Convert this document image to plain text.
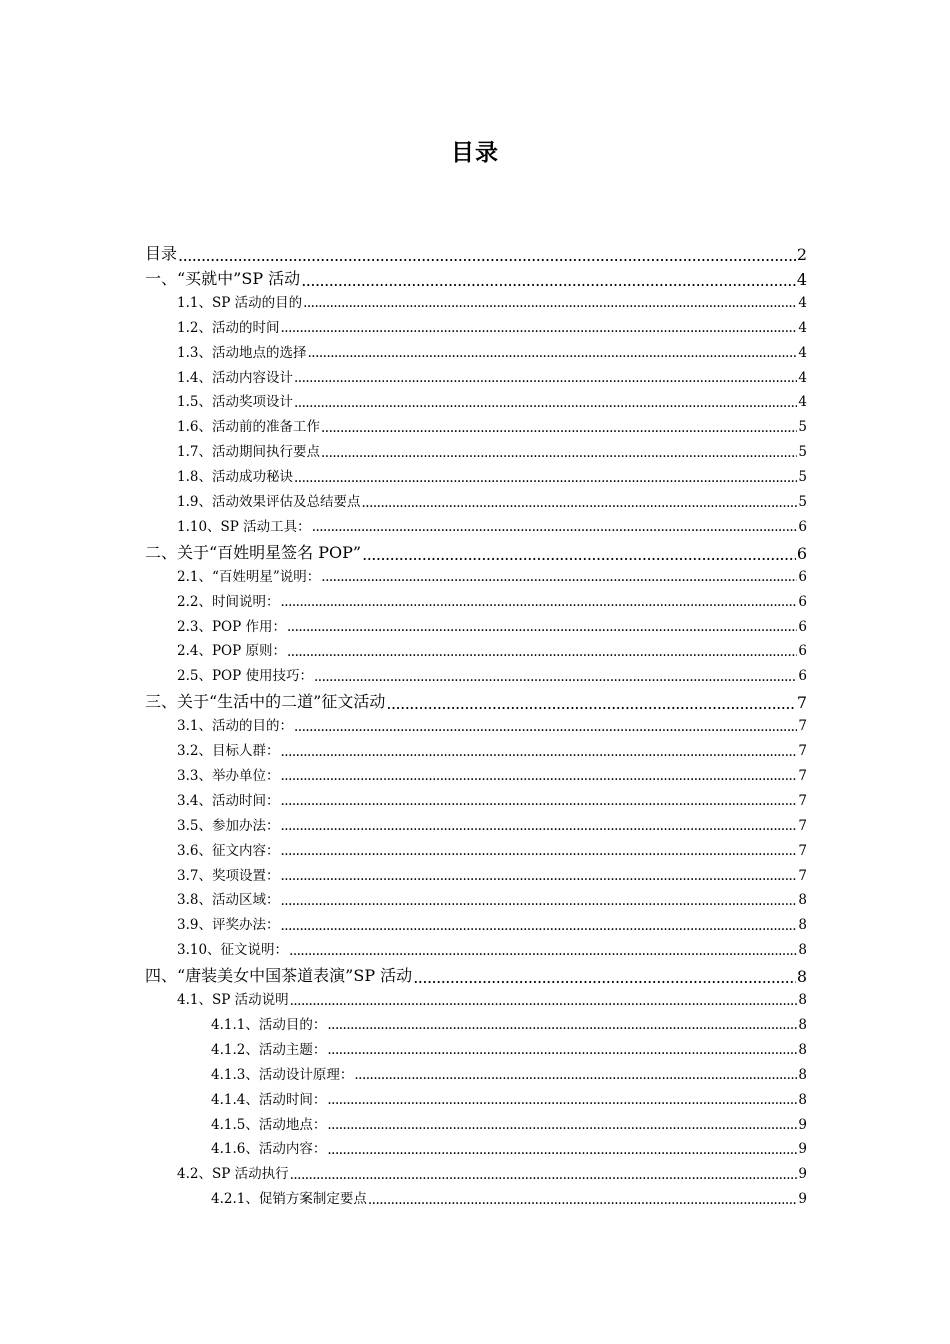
目录
目录 .....	2
一、“买就中”SP 活动 .....	4
1.1、SP 活动的目的 .....	4
1.2、活动的时间 .....	4
1.3、活动地点的选择 .....	4
1.4、活动内容设计 .....	4
1.5、活动奖项设计 .....	4
1.6、活动前的准备工作 .....	5
1.7、活动期间执行要点 .....	5
1.8、活动成功秘诀 .....	5
1.9、活动效果评估及总结要点 .....	5
1.10、SP 活动工具： .....	6
二、关于“百姓明星签名 POP” .....	6
2.1、“百姓明星”说明： .....	6
2.2、时间说明： .....	6
2.3、POP 作用： .....	6
2.4、POP 原则： .....	6
2.5、POP 使用技巧： .....	6
三、关于“生活中的二道”征文活动 .....	7
3.1、活动的目的： .....	7
3.2、目标人群： .....	7
3.3、举办单位： .....	7
3.4、活动时间： .....	7
3.5、参加办法： .....	7
3.6、征文内容： .....	7
3.7、奖项设置： .....	7
3.8、活动区域： .....	8
3.9、评奖办法： .....	8
3.10、征文说明： .....	8
四、“唐装美女中国茶道表演”SP 活动 .....	8
4.1、SP 活动说明 .....	8
4.1.1、活动目的： .....	8
4.1.2、活动主题： .....	8
4.1.3、活动设计原理： .....	8
4.1.4、活动时间： .....	8
4.1.5、活动地点： .....	9
4.1.6、活动内容： .....	9
4.2、SP 活动执行 .....	9
4.2.1、促销方案制定要点 .....	9
